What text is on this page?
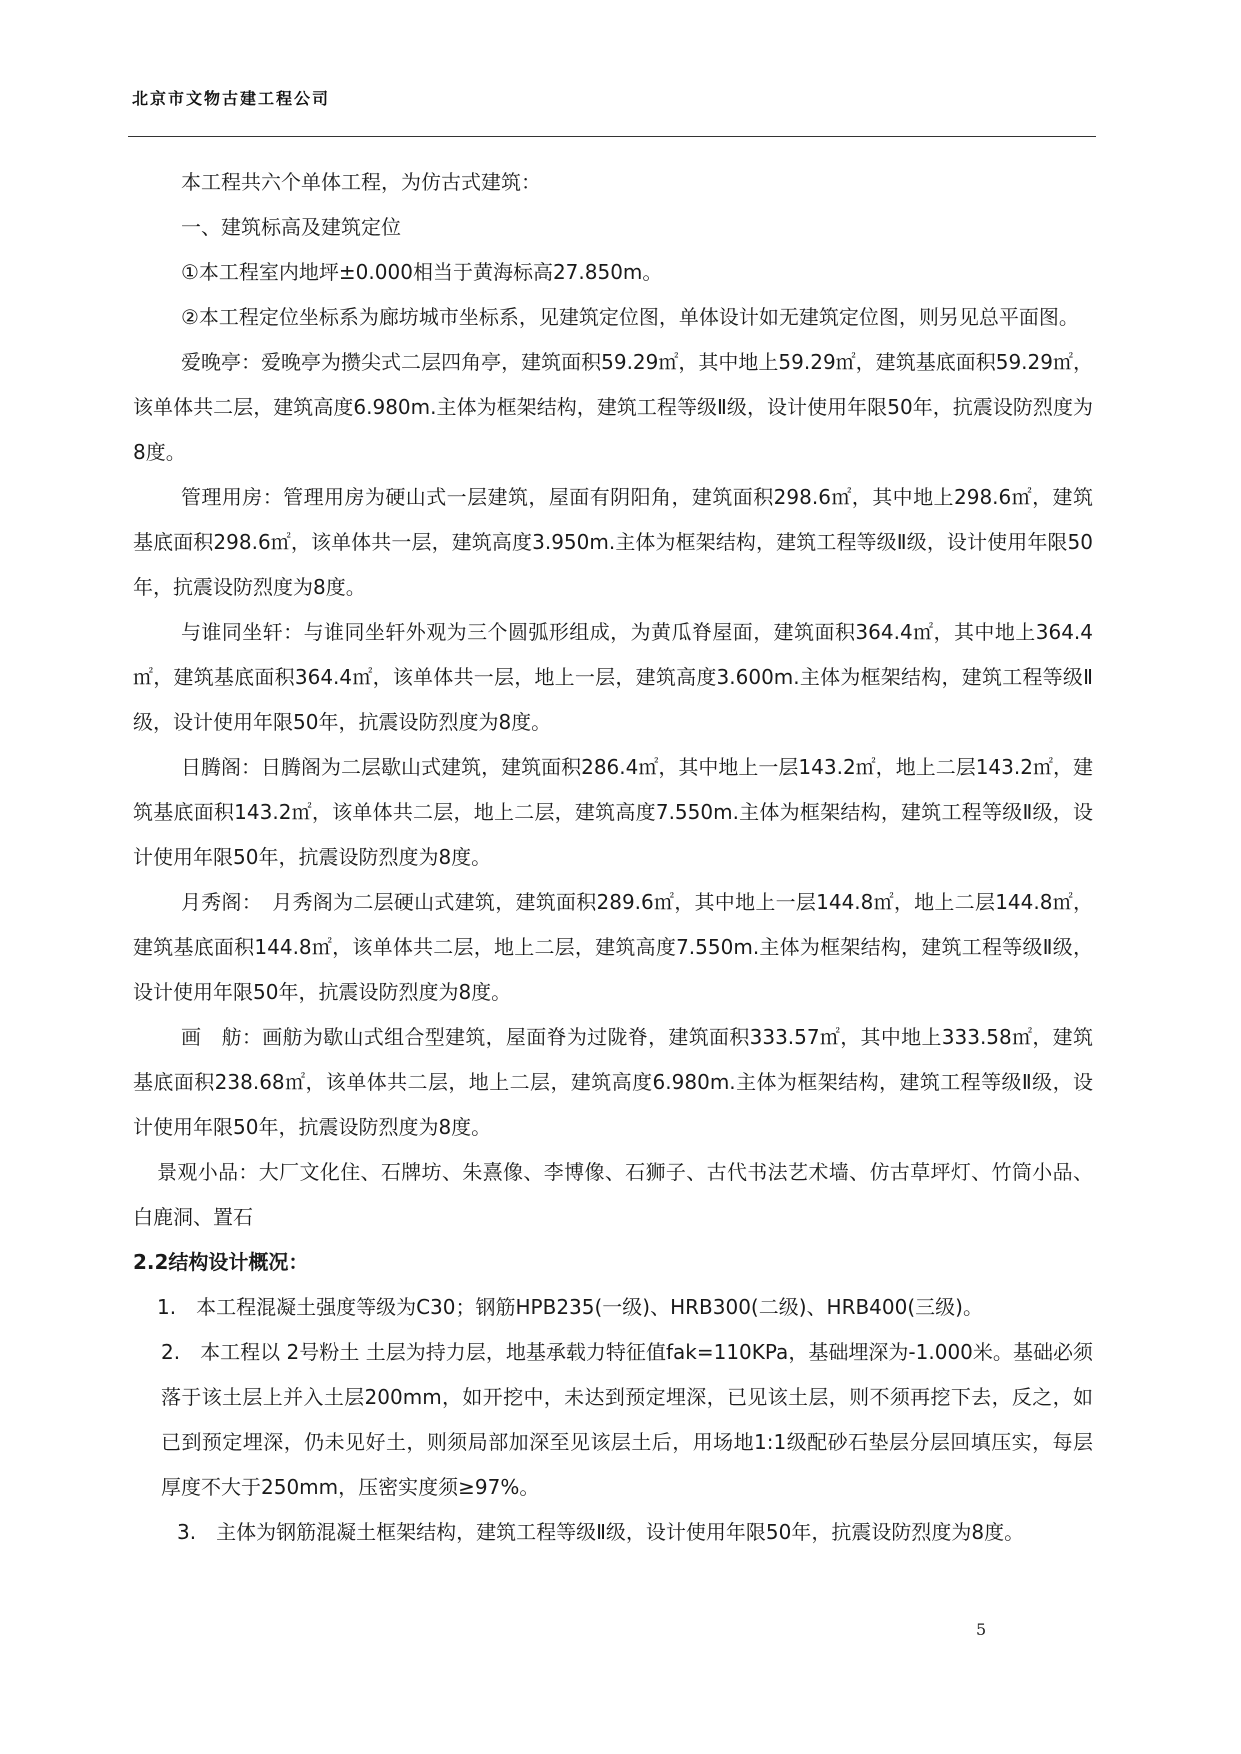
北京市文物古建工程公司

本工程共六个单体工程，为仿古式建筑：

一、建筑标高及建筑定位

①本工程室内地坪±0.000相当于黄海标高27.850m。

②本工程定位坐标系为廊坊城市坐标系，见建筑定位图，单体设计如无建筑定位图，则另见总平面图。

爱晚亭：爱晚亭为攒尖式二层四角亭，建筑面积59.29㎡，其中地上59.29㎡，建筑基底面积59.29㎡，该单体共二层，建筑高度6.980m.主体为框架结构，建筑工程等级Ⅱ级，设计使用年限50年，抗震设防烈度为8度。

管理用房：管理用房为硬山式一层建筑，屋面有阴阳角，建筑面积298.6㎡，其中地上298.6㎡，建筑基底面积298.6㎡，该单体共一层，建筑高度3.950m.主体为框架结构，建筑工程等级Ⅱ级，设计使用年限50年，抗震设防烈度为8度。

与谁同坐轩：与谁同坐轩外观为三个圆弧形组成，为黄瓜脊屋面，建筑面积364.4㎡，其中地上364.4㎡，建筑基底面积364.4㎡，该单体共一层，地上一层，建筑高度3.600m.主体为框架结构，建筑工程等级Ⅱ级，设计使用年限50年，抗震设防烈度为8度。

日腾阁：日腾阁为二层歇山式建筑，建筑面积286.4㎡，其中地上一层143.2㎡，地上二层143.2㎡，建筑基底面积143.2㎡，该单体共二层，地上二层，建筑高度7.550m.主体为框架结构，建筑工程等级Ⅱ级，设计使用年限50年，抗震设防烈度为8度。

月秀阁：　月秀阁为二层硬山式建筑，建筑面积289.6㎡，其中地上一层144.8㎡，地上二层144.8㎡，建筑基底面积144.8㎡，该单体共二层，地上二层，建筑高度7.550m.主体为框架结构，建筑工程等级Ⅱ级，设计使用年限50年，抗震设防烈度为8度。

画　舫：画舫为歇山式组合型建筑，屋面脊为过陇脊，建筑面积333.57㎡，其中地上333.58㎡，建筑基底面积238.68㎡，该单体共二层，地上二层，建筑高度6.980m.主体为框架结构，建筑工程等级Ⅱ级，设计使用年限50年，抗震设防烈度为8度。

景观小品：大厂文化住、石牌坊、朱熹像、李博像、石狮子、古代书法艺术墙、仿古草坪灯、竹筒小品、白鹿洞、置石

2.2结构设计概况：

1.　本工程混凝土强度等级为C30；钢筋HPB235(一级)、HRB300(二级)、HRB400(三级)。

2.　本工程以 2号粉土 土层为持力层，地基承载力特征值fak=110KPa，基础埋深为-1.000米。基础必须落于该土层上并入土层200mm，如开挖中，未达到预定埋深，已见该土层，则不须再挖下去，反之，如已到预定埋深，仍未见好土，则须局部加深至见该层土后，用场地1:1级配砂石垫层分层回填压实，每层厚度不大于250mm，压密实度须≥97%。

3.　主体为钢筋混凝土框架结构，建筑工程等级Ⅱ级，设计使用年限50年，抗震设防烈度为8度。

5
